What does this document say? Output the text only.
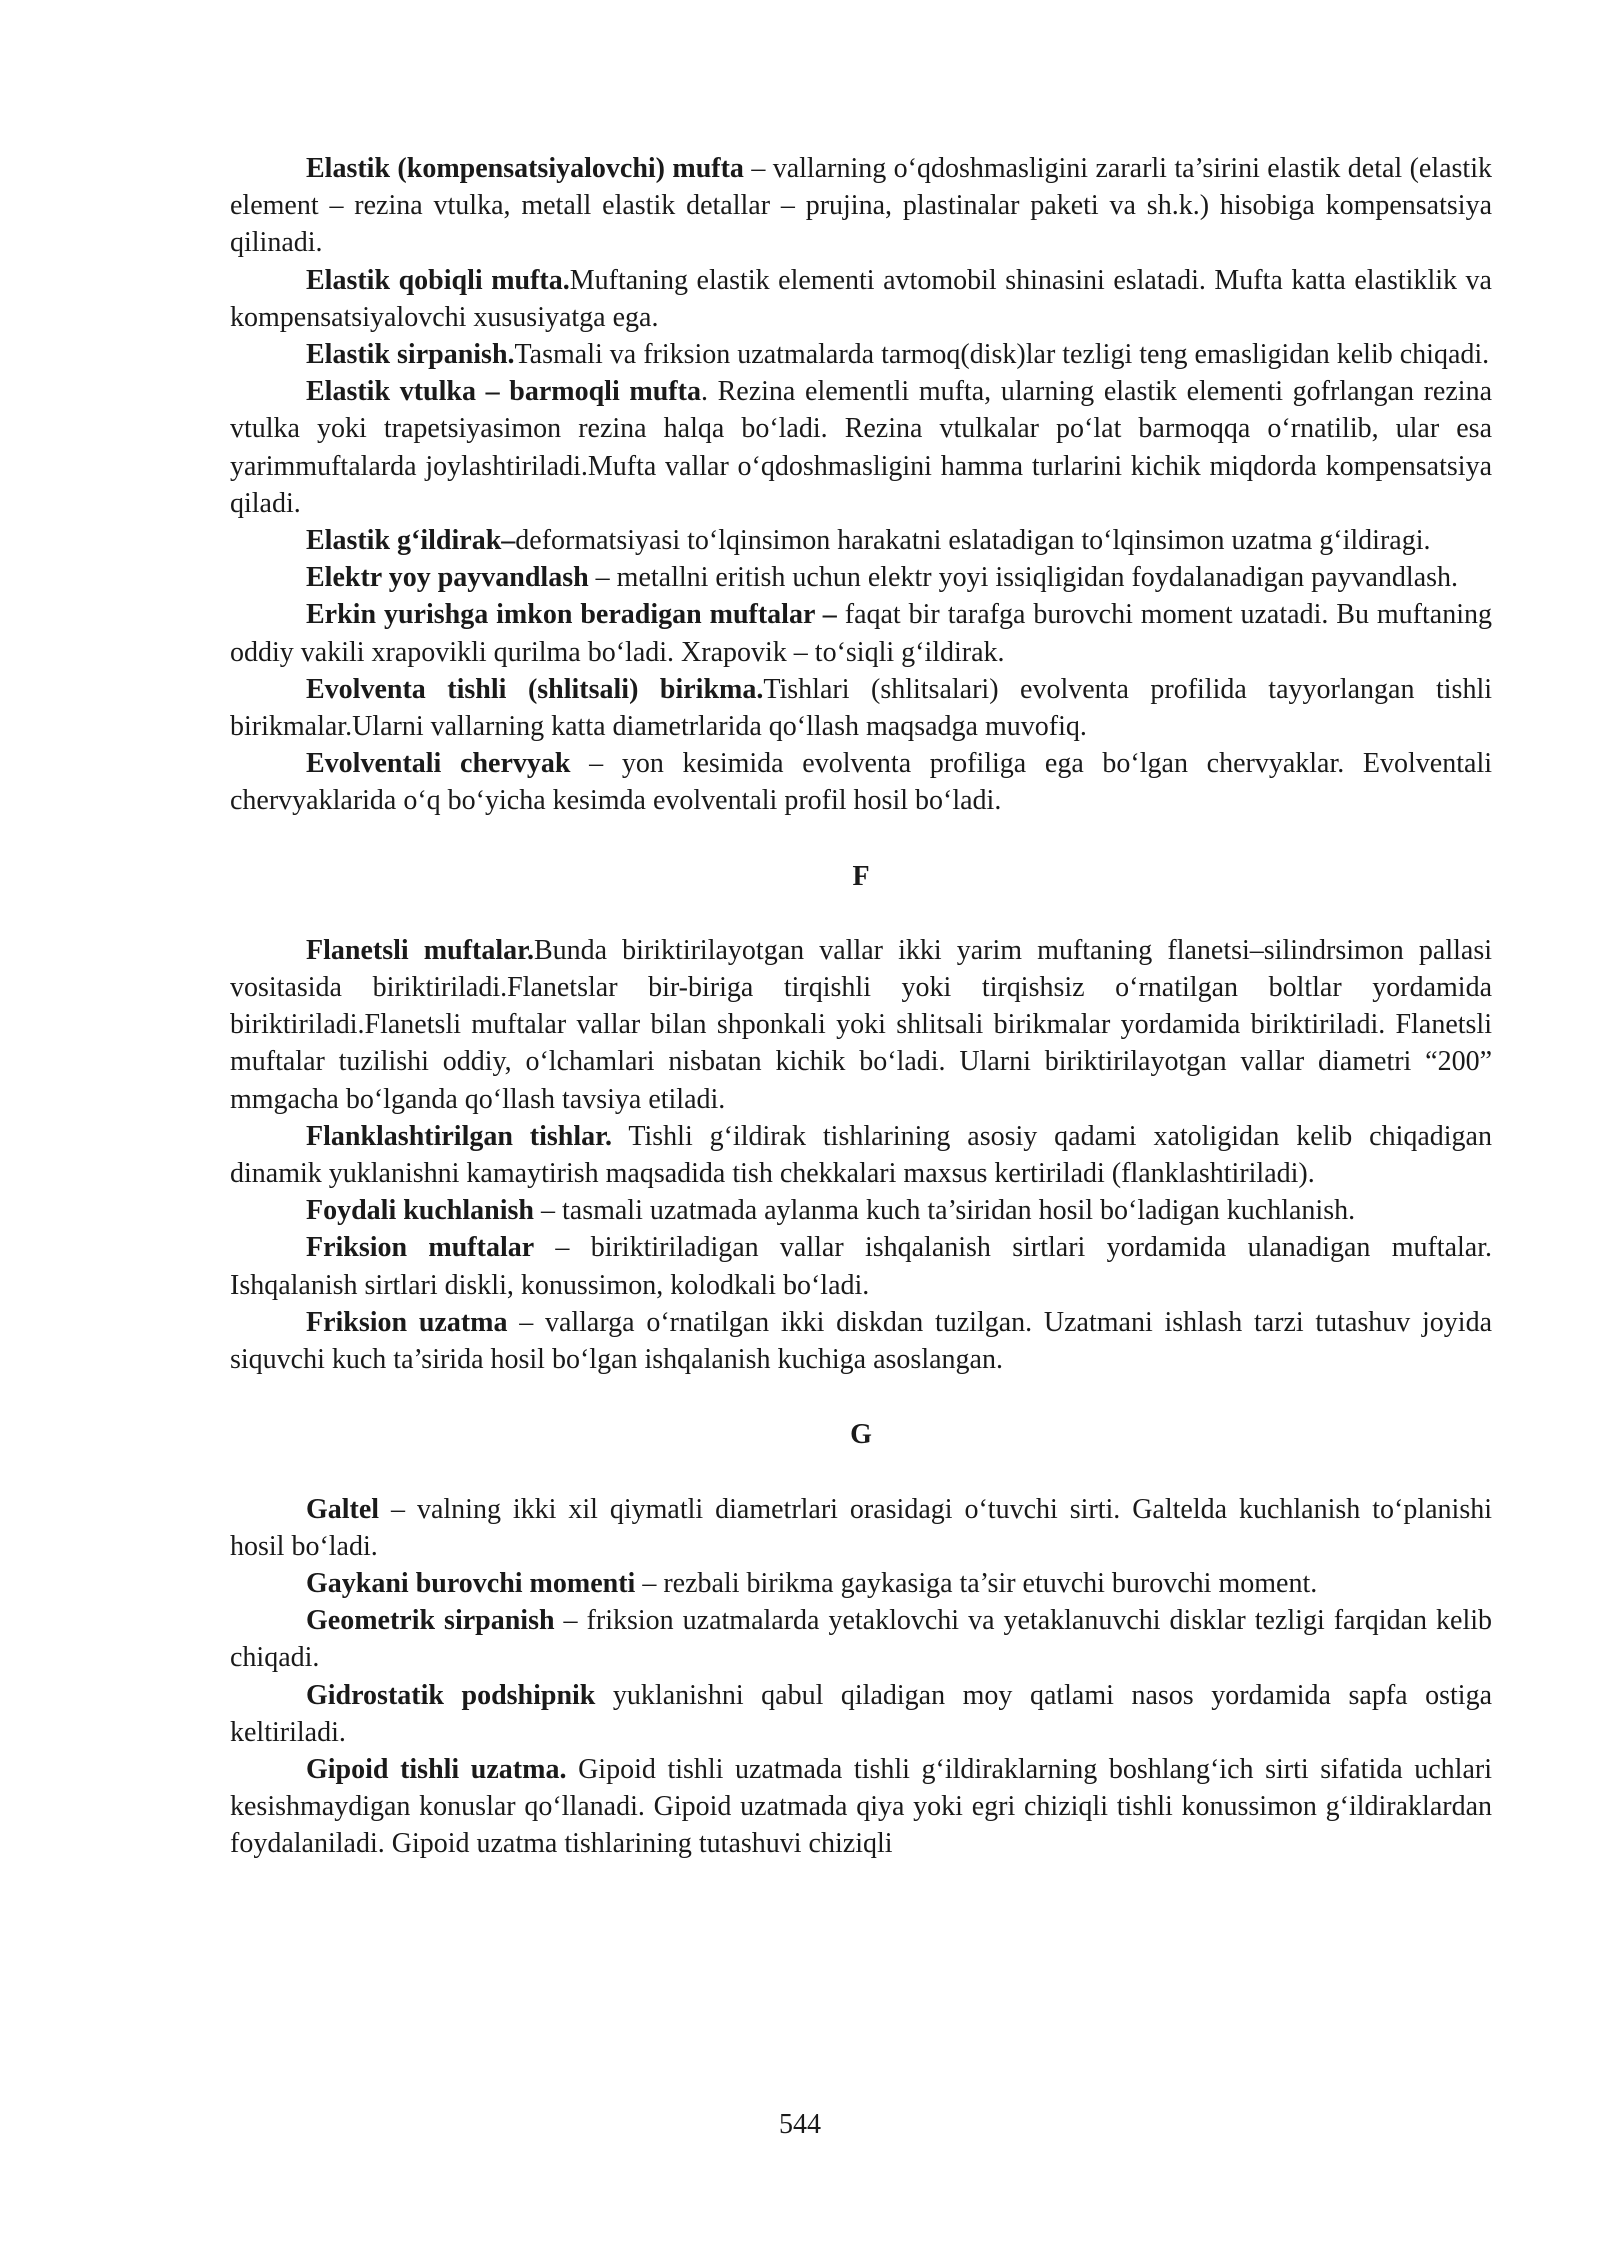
Elastik (kompensatsiyalovchi) mufta – vallarning o‘qdoshmasligini zararli ta’sirini elastik detal (elastik element – rezina vtulka, metall elastik detallar – prujina, plastinalar paketi va sh.k.) hisobiga kompensatsiya qilinadi.

Elastik qobiqli mufta.Muftaning elastik elementi avtomobil shinasini eslatadi. Mufta katta elastiklik va kompensatsiyalovchi xususiyatga ega.

Elastik sirpanish.Tasmali va friksion uzatmalarda tarmoq(disk)lar tezligi teng emasligidan kelib chiqadi.

Elastik vtulka – barmoqli mufta. Rezina elementli mufta, ularning elastik elementi gofrlangan rezina vtulka yoki trapetsiyasimon rezina halqa bo‘ladi. Rezina vtulkalar po‘lat barmoqqa o‘rnatilib, ular esa yarimmuftalarda joylashtiriladi.Mufta vallar o‘qdoshmasligini hamma turlarini kichik miqdorda kompensatsiya qiladi.

Elastik g‘ildirak–deformatsiyasi to‘lqinsimon harakatni eslatadigan to‘lqinsimon uzatma g‘ildiragi.

Elektr yoy payvandlash – metallni eritish uchun elektr yoyi issiqligidan foydalanadigan payvandlash.

Erkin yurishga imkon beradigan muftalar – faqat bir tarafga burovchi moment uzatadi. Bu muftaning oddiy vakili xrapovikli qurilma bo‘ladi. Xrapovik – to‘siqli g‘ildirak.

Evolventa tishli (shlitsali) birikma.Tishlari (shlitsalari) evolventa profilida tayyorlangan tishli birikmalar.Ularni vallarning katta diametrlarida qo‘llash maqsadga muvofiq.

Evolventali chervyak – yon kesimida evolventa profiliga ega bo‘lgan chervyaklar. Evolventali chervyaklarida o‘q bo‘yicha kesimda evolventali profil hosil bo‘ladi.

F

Flanetsli muftalar.Bunda biriktirilayotgan vallar ikki yarim muftaning flanetsi–silindrsimon pallasi vositasida biriktiriladi.Flanetslar bir-biriga tirqishli yoki tirqishsiz o‘rnatilgan boltlar yordamida biriktiriladi.Flanetsli muftalar vallar bilan shponkali yoki shlitsali birikmalar yordamida biriktiriladi. Flanetsli muftalar tuzilishi oddiy, o‘lchamlari nisbatan kichik bo‘ladi. Ularni biriktirilayotgan vallar diametri “200” mmgacha bo‘lganda qo‘llash tavsiya etiladi.

Flanklashtirilgan tishlar. Tishli g‘ildirak tishlarining asosiy qadami xatoligidan kelib chiqadigan dinamik yuklanishni kamaytirish maqsadida tish chekkalari maxsus kertiriladi (flanklashtiriladi).

Foydali kuchlanish – tasmali uzatmada aylanma kuch ta’siridan hosil bo‘ladigan kuchlanish.

Friksion muftalar – biriktiriladigan vallar ishqalanish sirtlari yordamida ulanadigan muftalar. Ishqalanish sirtlari diskli, konussimon, kolodkali bo‘ladi.

Friksion uzatma – vallarga o‘rnatilgan ikki diskdan tuzilgan. Uzatmani ishlash tarzi tutashuv joyida siquvchi kuch ta’sirida hosil bo‘lgan ishqalanish kuchiga asoslangan.

G

Galtel – valning ikki xil qiymatli diametrlari orasidagi o‘tuvchi sirti. Galtelda kuchlanish to‘planishi hosil bo‘ladi.

Gaykani burovchi momenti – rezbali birikma gaykasiga ta’sir etuvchi burovchi moment.

Geometrik sirpanish – friksion uzatmalarda yetaklovchi va yetaklanuvchi disklar tezligi farqidan kelib chiqadi.

Gidrostatik podshipnik yuklanishni qabul qiladigan moy qatlami nasos yordamida sapfa ostiga keltiriladi.

Gipoid tishli uzatma. Gipoid tishli uzatmada tishli g‘ildiraklarning boshlang‘ich sirti sifatida uchlari kesishmaydigan konuslar qo‘llanadi. Gipoid uzatmada qiya yoki egri chiziqli tishli konussimon g‘ildiraklardan foydalaniladi. Gipoid uzatma tishlarining tutashuvi chiziqli

544
